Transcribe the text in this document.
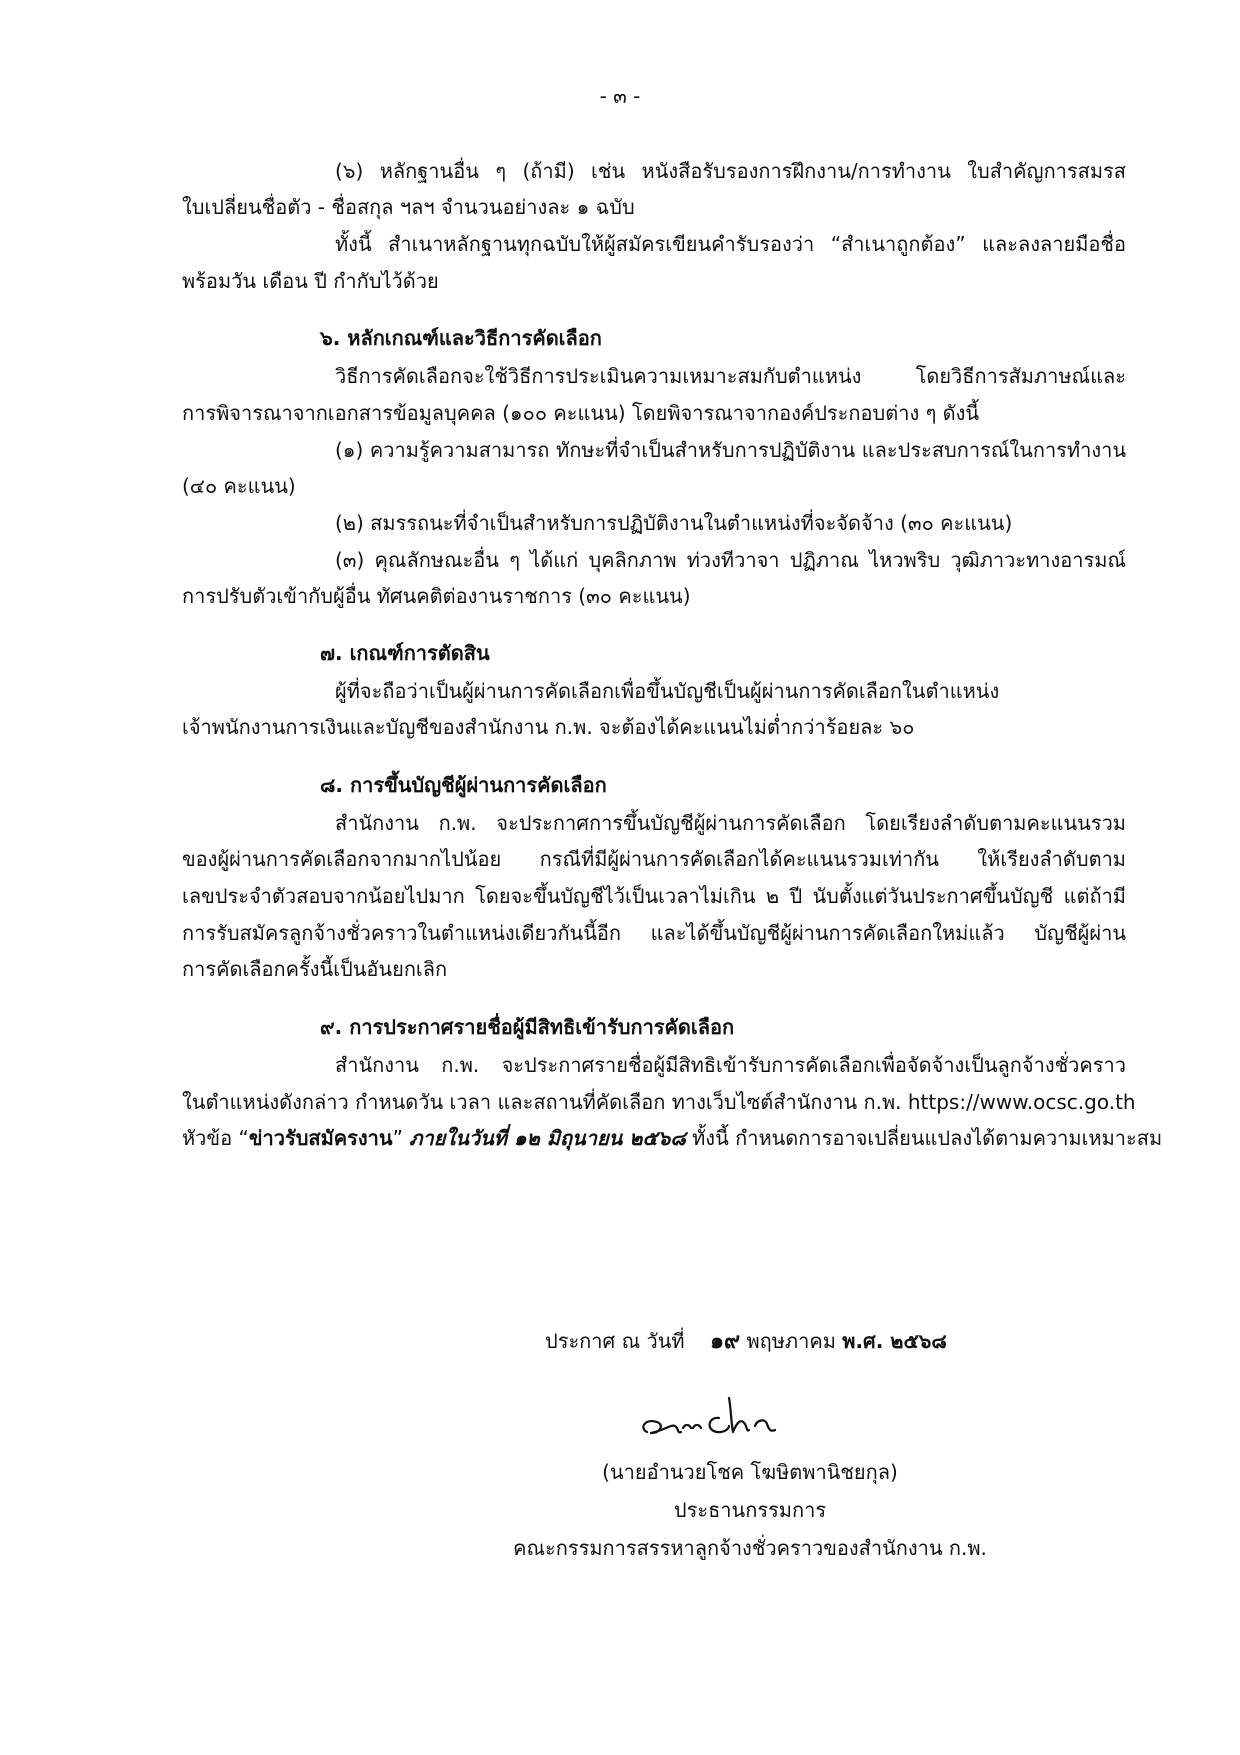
- ๓ -
(๖) หลักฐานอื่น ๆ (ถ้ามี) เช่น หนังสือรับรองการฝึกงาน/การทำงาน ใบสำคัญการสมรส
ใบเปลี่ยนชื่อตัว - ชื่อสกุล ฯลฯ จำนวนอย่างละ ๑ ฉบับ
ทั้งนี้ สำเนาหลักฐานทุกฉบับให้ผู้สมัครเขียนคำรับรองว่า “สำเนาถูกต้อง” และลงลายมือชื่อ
พร้อมวัน เดือน ปี กำกับไว้ด้วย
๖. หลักเกณฑ์และวิธีการคัดเลือก
วิธีการคัดเลือกจะใช้วิธีการประเมินความเหมาะสมกับตำแหน่ง โดยวิธีการสัมภาษณ์และ
การพิจารณาจากเอกสารข้อมูลบุคคล (๑๐๐ คะแนน) โดยพิจารณาจากองค์ประกอบต่าง ๆ ดังนี้
(๑) ความรู้ความสามารถ ทักษะที่จำเป็นสำหรับการปฏิบัติงาน และประสบการณ์ในการทำงาน
(๔๐ คะแนน)
(๒) สมรรถนะที่จำเป็นสำหรับการปฏิบัติงานในตำแหน่งที่จะจัดจ้าง (๓๐ คะแนน)
(๓) คุณลักษณะอื่น ๆ ได้แก่ บุคลิกภาพ ท่วงทีวาจา ปฏิภาณ ไหวพริบ วุฒิภาวะทางอารมณ์
การปรับตัวเข้ากับผู้อื่น ทัศนคติต่องานราชการ (๓๐ คะแนน)
๗. เกณฑ์การตัดสิน
ผู้ที่จะถือว่าเป็นผู้ผ่านการคัดเลือกเพื่อขึ้นบัญชีเป็นผู้ผ่านการคัดเลือกในตำแหน่ง
เจ้าพนักงานการเงินและบัญชีของสำนักงาน ก.พ. จะต้องได้คะแนนไม่ต่ำกว่าร้อยละ ๖๐
๘. การขึ้นบัญชีผู้ผ่านการคัดเลือก
สำนักงาน ก.พ. จะประกาศการขึ้นบัญชีผู้ผ่านการคัดเลือก โดยเรียงลำดับตามคะแนนรวม
ของผู้ผ่านการคัดเลือกจากมากไปน้อย กรณีที่มีผู้ผ่านการคัดเลือกได้คะแนนรวมเท่ากัน ให้เรียงลำดับตาม
เลขประจำตัวสอบจากน้อยไปมาก โดยจะขึ้นบัญชีไว้เป็นเวลาไม่เกิน ๒ ปี นับตั้งแต่วันประกาศขึ้นบัญชี แต่ถ้ามี
การรับสมัครลูกจ้างชั่วคราวในตำแหน่งเดียวกันนี้อีก และได้ขึ้นบัญชีผู้ผ่านการคัดเลือกใหม่แล้ว บัญชีผู้ผ่าน
การคัดเลือกครั้งนี้เป็นอันยกเลิก
๙. การประกาศรายชื่อผู้มีสิทธิเข้ารับการคัดเลือก
สำนักงาน ก.พ. จะประกาศรายชื่อผู้มีสิทธิเข้ารับการคัดเลือกเพื่อจัดจ้างเป็นลูกจ้างชั่วคราว
ในตำแหน่งดังกล่าว กำหนดวัน เวลา และสถานที่คัดเลือก ทางเว็บไซต์สำนักงาน ก.พ. https://www.ocsc.go.th
หัวข้อ “ข่าวรับสมัครงาน” ภายในวันที่ ๑๒ มิถุนายน ๒๕๖๘ ทั้งนี้ กำหนดการอาจเปลี่ยนแปลงได้ตามความเหมาะสม
ประกาศ ณ วันที่ ๑๙ พฤษภาคม พ.ศ. ๒๕๖๘
(นายอำนวยโชค โฆษิตพานิชยกุล)
ประธานกรรมการ
คณะกรรมการสรรหาลูกจ้างชั่วคราวของสำนักงาน ก.พ.
